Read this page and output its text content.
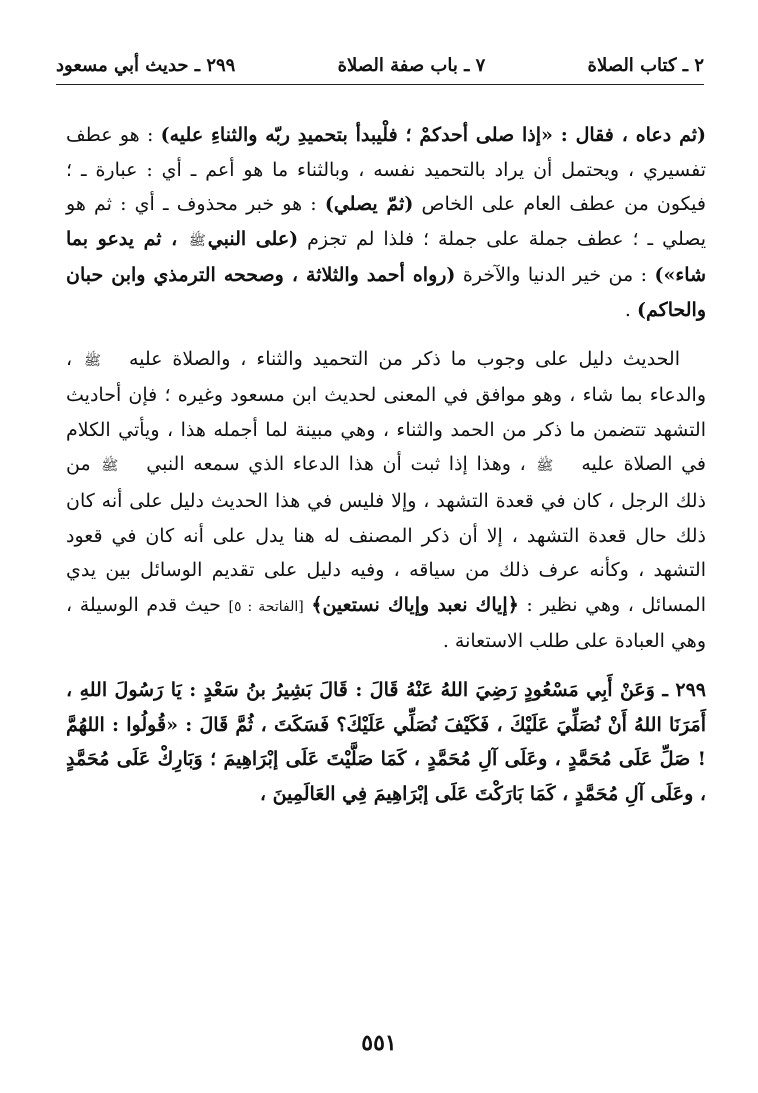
٢ ـ كتاب الصلاة
٧ ـ باب صفة الصلاة
٢٩٩ ـ حديث أبي مسعود

(ثم دعاه ، فقال : «إذا صلى أحدكمْ ؛ فلْيبدأ بتحميدِ ربّه والثناءِ عليه) : هو عطف تفسيري ، ويحتمل أن يراد بالتحميد نفسه ، وبالثناء ما هو أعم ـ أي : عبارة ـ ؛ فيكون من عطف العام على الخاص (ثمّ يصلي) : هو خبر محذوف ـ أي : ثم هو يصلي ـ ؛ عطف جملة على جملة ؛ فلذا لم تجزم (على النبيﷺ ، ثم يدعو بما شاء») : من خير الدنيا والآخرة (رواه أحمد والثلاثة ، وصححه الترمذي وابن حبان والحاكم) .

الحديث دليل على وجوب ما ذكر من التحميد والثناء ، والصلاة عليهﷺ ، والدعاء بما شاء ، وهو موافق في المعنى لحديث ابن مسعود وغيره ؛ فإن أحاديث التشهد تتضمن ما ذكر من الحمد والثناء ، وهي مبينة لما أجمله هذا ، ويأتي الكلام في الصلاة عليهﷺ ، وهذا إذا ثبت أن هذا الدعاء الذي سمعه النبيﷺ من ذلك الرجل ، كان في قعدة التشهد ، وإلا فليس في هذا الحديث دليل على أنه كان ذلك حال قعدة التشهد ، إلا أن ذكر المصنف له هنا يدل على أنه كان في قعود التشهد ، وكأنه عرف ذلك من سياقه ، وفيه دليل على تقديم الوسائل بين يدي المسائل ، وهي نظير : ﴿إياك نعبد وإياك نستعين﴾ [الفاتحة : ٥] حيث قدم الوسيلة ، وهي العبادة على طلب الاستعانة .

٢٩٩ ـ وَعَنْ أَبِي مَسْعُودٍ رَضِيَ اللهُ عَنْهُ قَالَ : قَالَ بَشِيرُ بنُ سَعْدٍ : يَا رَسُولَ اللهِ ، أَمَرَنَا اللهُ أَنْ نُصَلِّيَ عَلَيْكَ ، فَكَيْفَ نُصَلِّي عَلَيْكَ؟ فَسَكَتَ ، ثُمَّ قَالَ : «قُولُوا : اللهُمَّ ! صَلِّ عَلَى مُحَمَّدٍ ، وعَلَى آلِ مُحَمَّدٍ ، كَمَا صَلَّيْتَ عَلَى إبْرَاهِيمَ ؛ وَبَارِكْ عَلَى مُحَمَّدٍ ، وعَلَى آلِ مُحَمَّدٍ ، كَمَا بَارَكْتَ عَلَى إبْرَاهِيمَ فِي العَالَمِينَ ،

٥٥١
